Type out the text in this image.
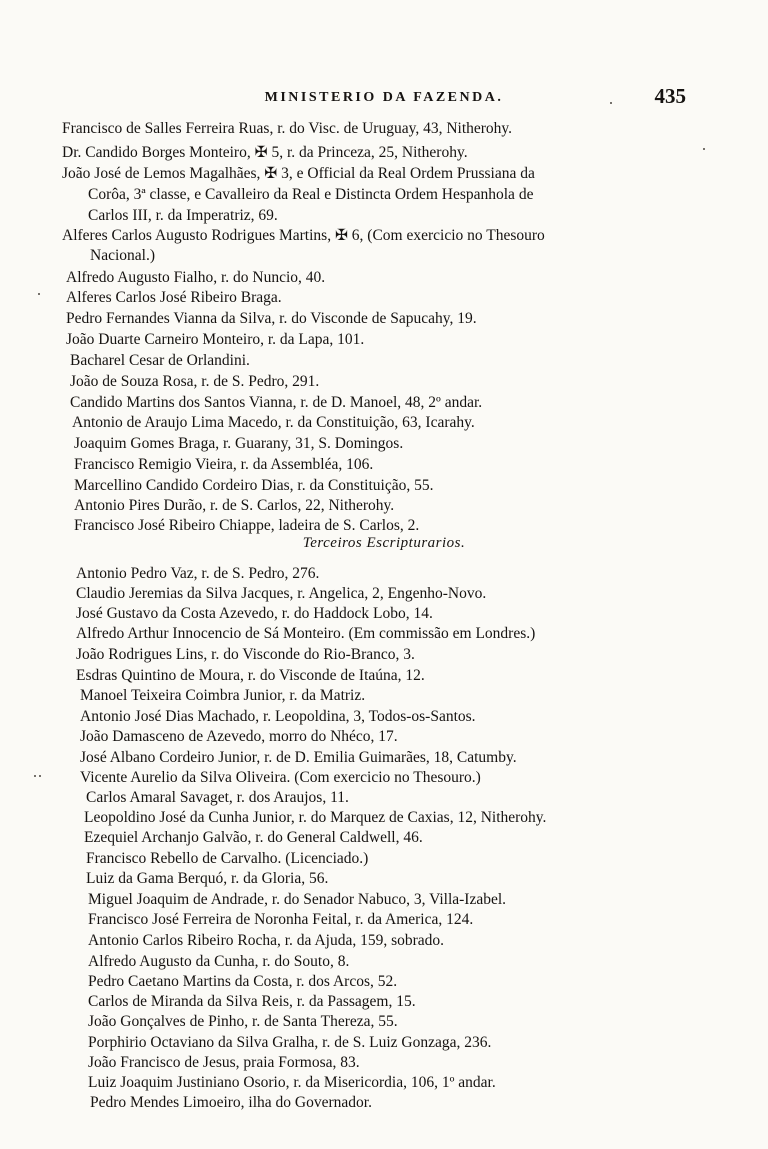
MINISTERIO DA FAZENDA.	435
Francisco de Salles Ferreira Ruas, r. do Visc. de Uruguay, 43, Nitherohy.
Dr. Candido Borges Monteiro, ✠ 5, r. da Princeza, 25, Nitherohy.
João José de Lemos Magalhães, ✠ 3, e Official da Real Ordem Prussiana da
Corôa, 3ª classe, e Cavalleiro da Real e Distincta Ordem Hespanhola de
Carlos III, r. da Imperatriz, 69.
Alferes Carlos Augusto Rodrigues Martins, ✠ 6, (Com exercicio no Thesouro
Nacional.)
Alfredo Augusto Fialho, r. do Nuncio, 40.
Alferes Carlos José Ribeiro Braga.
Pedro Fernandes Vianna da Silva, r. do Visconde de Sapucahy, 19.
João Duarte Carneiro Monteiro, r. da Lapa, 101.
Bacharel Cesar de Orlandini.
João de Souza Rosa, r. de S. Pedro, 291.
Candido Martins dos Santos Vianna, r. de D. Manoel, 48, 2º andar.
Antonio de Araujo Lima Macedo, r. da Constituição, 63, Icarahy.
Joaquim Gomes Braga, r. Guarany, 31, S. Domingos.
Francisco Remigio Vieira, r. da Assembléa, 106.
Marcellino Candido Cordeiro Dias, r. da Constituição, 55.
Antonio Pires Durão, r. de S. Carlos, 22, Nitherohy.
Francisco José Ribeiro Chiappe, ladeira de S. Carlos, 2.
Terceiros Escripturarios.
Antonio Pedro Vaz, r. de S. Pedro, 276.
Claudio Jeremias da Silva Jacques, r. Angelica, 2, Engenho-Novo.
José Gustavo da Costa Azevedo, r. do Haddock Lobo, 14.
Alfredo Arthur Innocencio de Sá Monteiro. (Em commissão em Londres.)
João Rodrigues Lins, r. do Visconde do Rio-Branco, 3.
Esdras Quintino de Moura, r. do Visconde de Itaúna, 12.
Manoel Teixeira Coimbra Junior, r. da Matriz.
Antonio José Dias Machado, r. Leopoldina, 3, Todos-os-Santos.
João Damasceno de Azevedo, morro do Nhéco, 17.
José Albano Cordeiro Junior, r. de D. Emilia Guimarães, 18, Catumby.
Vicente Aurelio da Silva Oliveira. (Com exercicio no Thesouro.)
Carlos Amaral Savaget, r. dos Araujos, 11.
Leopoldino José da Cunha Junior, r. do Marquez de Caxias, 12, Nitherohy.
Ezequiel Archanjo Galvão, r. do General Caldwell, 46.
Francisco Rebello de Carvalho. (Licenciado.)
Luiz da Gama Berquó, r. da Gloria, 56.
Miguel Joaquim de Andrade, r. do Senador Nabuco, 3, Villa-Izabel.
Francisco José Ferreira de Noronha Feital, r. da America, 124.
Antonio Carlos Ribeiro Rocha, r. da Ajuda, 159, sobrado.
Alfredo Augusto da Cunha, r. do Souto, 8.
Pedro Caetano Martins da Costa, r. dos Arcos, 52.
Carlos de Miranda da Silva Reis, r. da Passagem, 15.
João Gonçalves de Pinho, r. de Santa Thereza, 55.
Porphirio Octaviano da Silva Gralha, r. de S. Luiz Gonzaga, 236.
João Francisco de Jesus, praia Formosa, 83.
Luiz Joaquim Justiniano Osorio, r. da Misericordia, 106, 1º andar.
Pedro Mendes Limoeiro, ilha do Governador.
